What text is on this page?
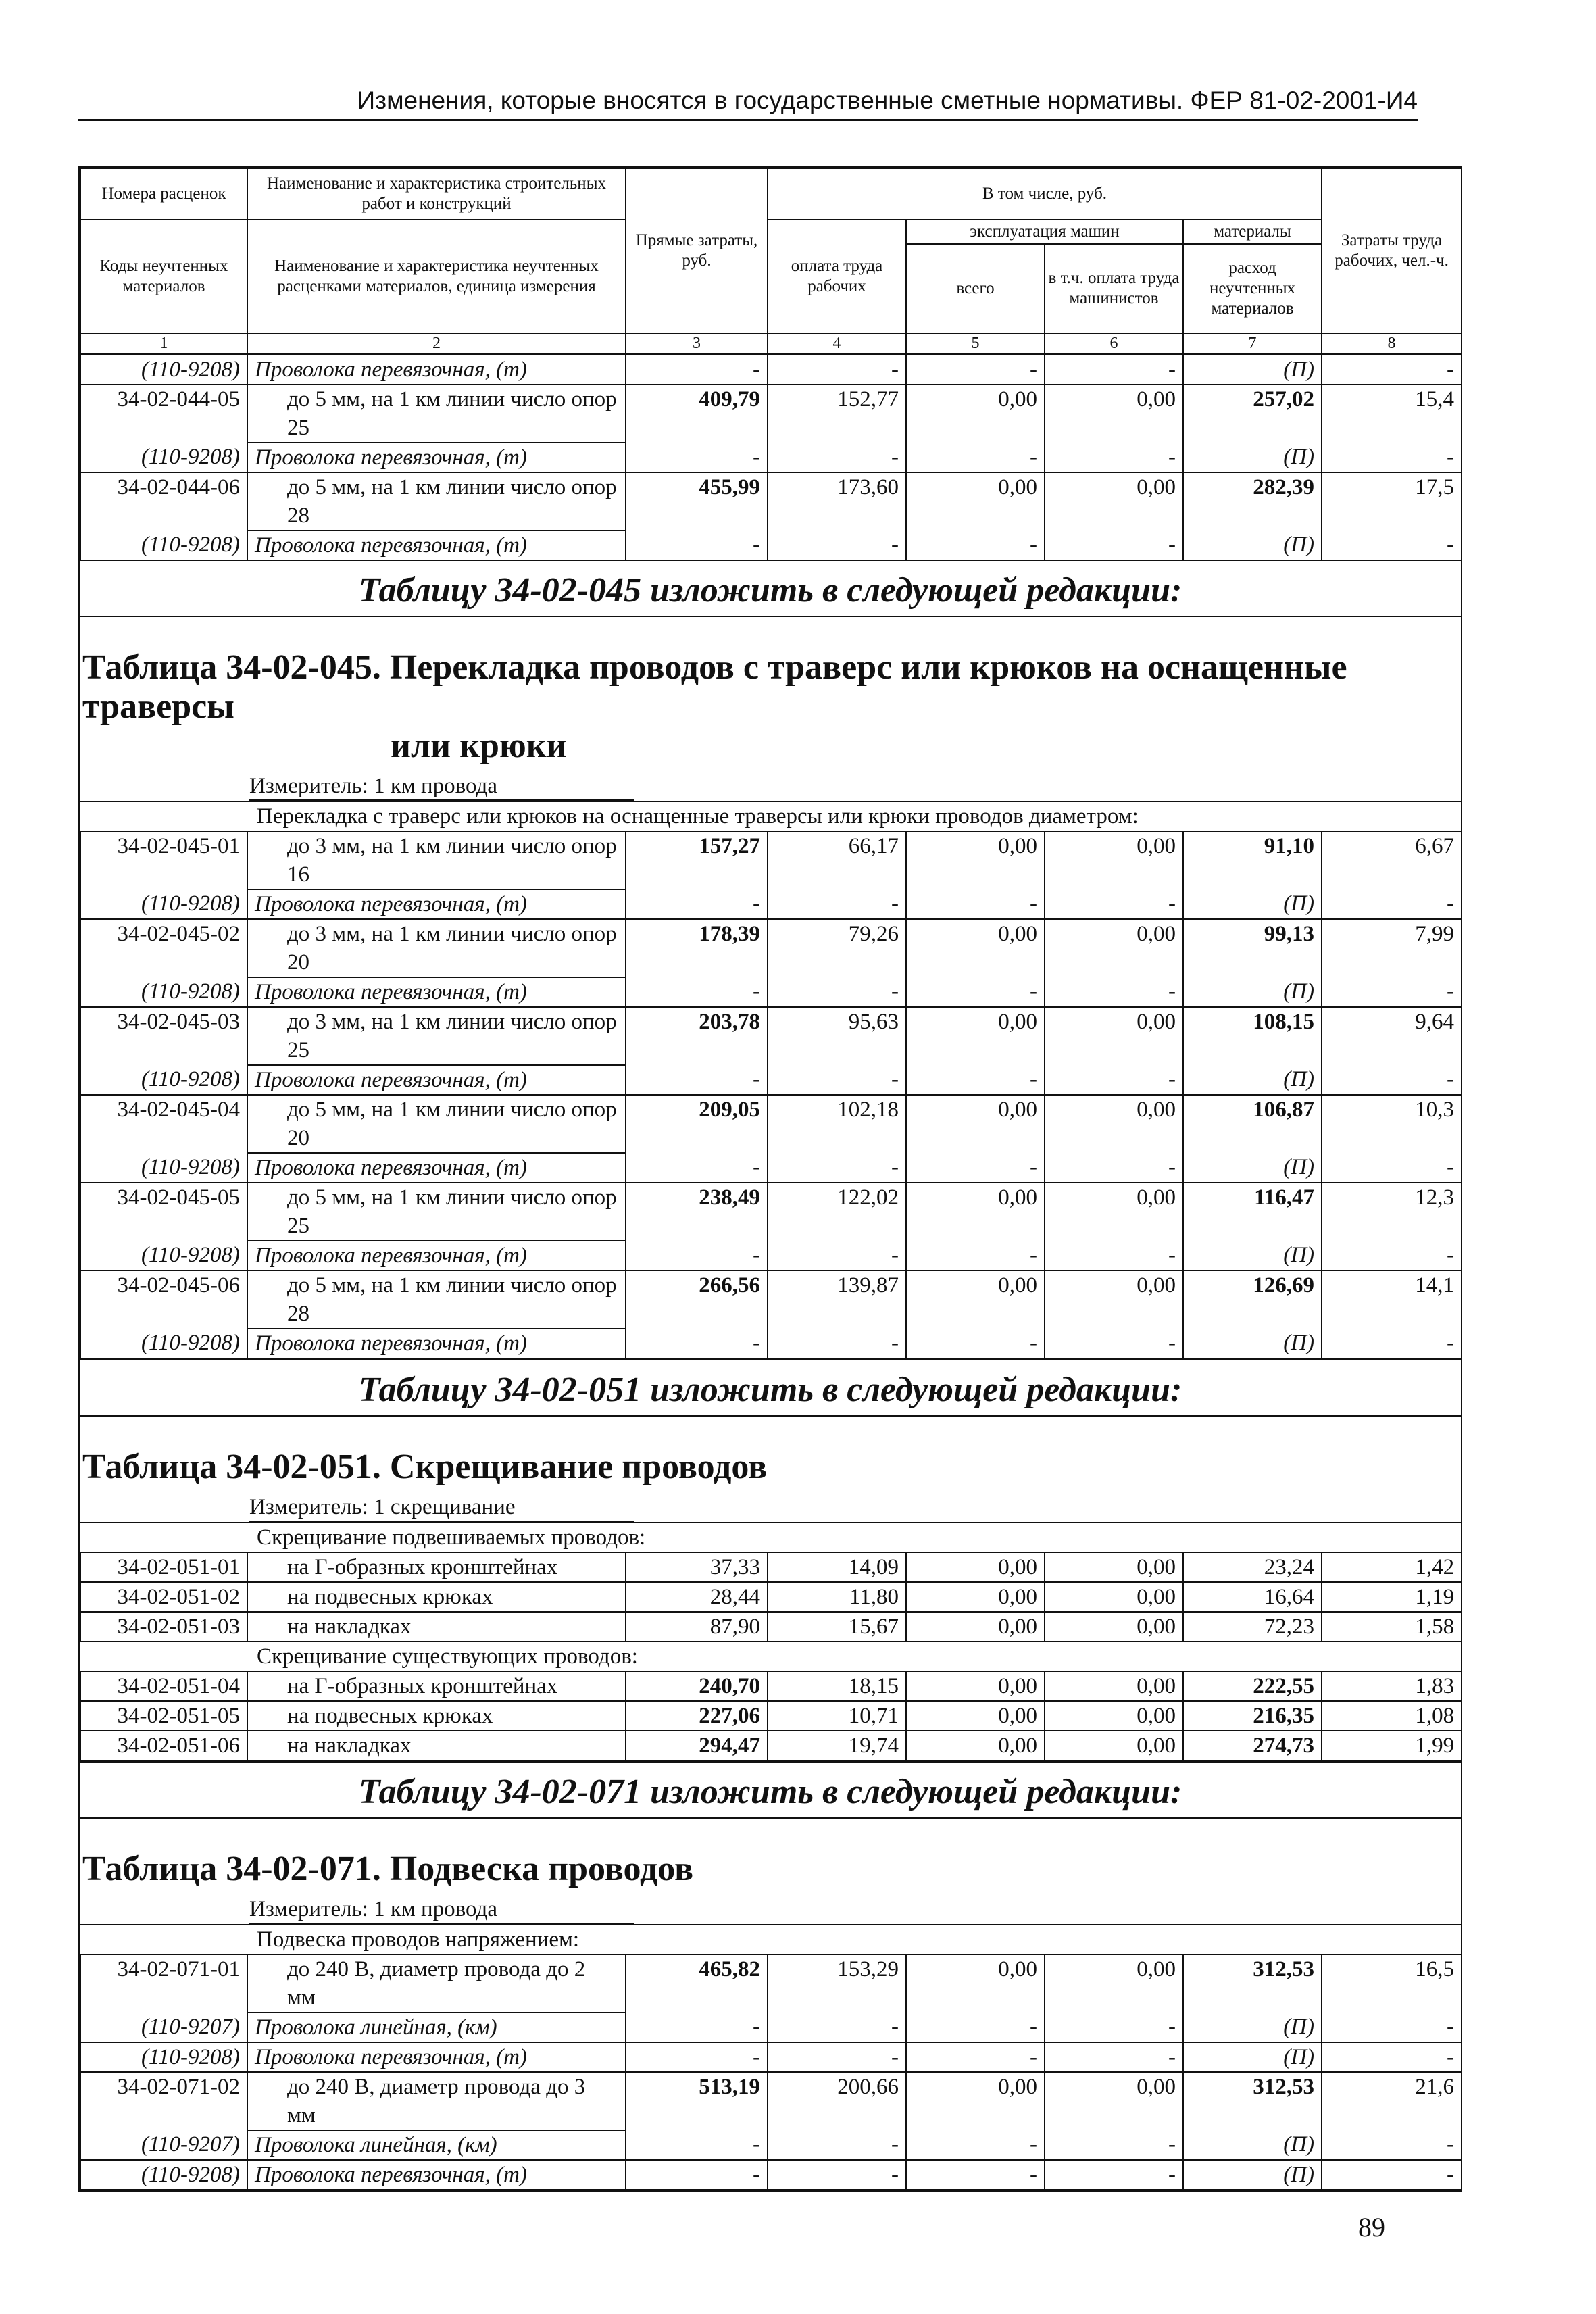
Изменения, которые вносятся в государственные сметные нормативы. ФЕР 81-02-2001-И4
Номера расценок	Наименование и характеристика строительных работ и конструкций	Прямые затраты, руб.	В том числе, руб.				Затраты труда рабочих, чел.-ч.
Коды неучтенных материалов	Наименование и характеристика неучтенных расценками материалов, единица измерения		оплата труда рабочих	эксплуатация машин		материалы	
				всего	в т.ч. оплата труда машинистов	расход неучтенных материалов	
1	2	3	4	5	6	7	8
(110-9208)	Проволока перевязочная, (т)	-	-	-	-	(П)	-
34-02-044-05	до 5 мм, на 1 км линии число опор 25	409,79	152,77	0,00	0,00	257,02	15,4
(110-9208)	Проволока перевязочная, (т)	-	-	-	-	(П)	-
34-02-044-06	до 5 мм, на 1 км линии число опор 28	455,99	173,60	0,00	0,00	282,39	17,5
(110-9208)	Проволока перевязочная, (т)	-	-	-	-	(П)	-
Таблицу 34-02-045 изложить в следующей редакции:
Таблица 34-02-045. Перекладка проводов с траверс или крюков на оснащенные траверсы
или крюки
Измеритель: 1 км провода
Перекладка с траверс или крюков на оснащенные траверсы или крюки проводов диаметром:							
34-02-045-01	до 3 мм, на 1 км линии число опор 16	157,27	66,17	0,00	0,00	91,10	6,67
(110-9208)	Проволока перевязочная, (т)	-	-	-	-	(П)	-
34-02-045-02	до 3 мм, на 1 км линии число опор 20	178,39	79,26	0,00	0,00	99,13	7,99
(110-9208)	Проволока перевязочная, (т)	-	-	-	-	(П)	-
34-02-045-03	до 3 мм, на 1 км линии число опор 25	203,78	95,63	0,00	0,00	108,15	9,64
(110-9208)	Проволока перевязочная, (т)	-	-	-	-	(П)	-
34-02-045-04	до 5 мм, на 1 км линии число опор 20	209,05	102,18	0,00	0,00	106,87	10,3
(110-9208)	Проволока перевязочная, (т)	-	-	-	-	(П)	-
34-02-045-05	до 5 мм, на 1 км линии число опор 25	238,49	122,02	0,00	0,00	116,47	12,3
(110-9208)	Проволока перевязочная, (т)	-	-	-	-	(П)	-
34-02-045-06	до 5 мм, на 1 км линии число опор 28	266,56	139,87	0,00	0,00	126,69	14,1
(110-9208)	Проволока перевязочная, (т)	-	-	-	-	(П)	-
Таблицу 34-02-051 изложить в следующей редакции:
Таблица 34-02-051. Скрещивание проводов
Измеритель: 1 скрещивание
Скрещивание подвешиваемых проводов:							
34-02-051-01	на Г-образных кронштейнах	37,33	14,09	0,00	0,00	23,24	1,42
34-02-051-02	на подвесных крюках	28,44	11,80	0,00	0,00	16,64	1,19
34-02-051-03	на накладках	87,90	15,67	0,00	0,00	72,23	1,58
Скрещивание существующих проводов:							
34-02-051-04	на Г-образных кронштейнах	240,70	18,15	0,00	0,00	222,55	1,83
34-02-051-05	на подвесных крюках	227,06	10,71	0,00	0,00	216,35	1,08
34-02-051-06	на накладках	294,47	19,74	0,00	0,00	274,73	1,99
Таблицу 34-02-071 изложить в следующей редакции:
Таблица 34-02-071. Подвеска проводов
Измеритель: 1 км провода
Подвеска проводов напряжением:							
34-02-071-01	до 240 В, диаметр провода до 2 мм	465,82	153,29	0,00	0,00	312,53	16,5
(110-9207)	Проволока линейная, (км)	-	-	-	-	(П)	-
(110-9208)	Проволока перевязочная, (т)	-	-	-	-	(П)	-
34-02-071-02	до 240 В, диаметр провода до 3 мм	513,19	200,66	0,00	0,00	312,53	21,6
(110-9207)	Проволока линейная, (км)	-	-	-	-	(П)	-
(110-9208)	Проволока перевязочная, (т)	-	-	-	-	(П)	-
89
